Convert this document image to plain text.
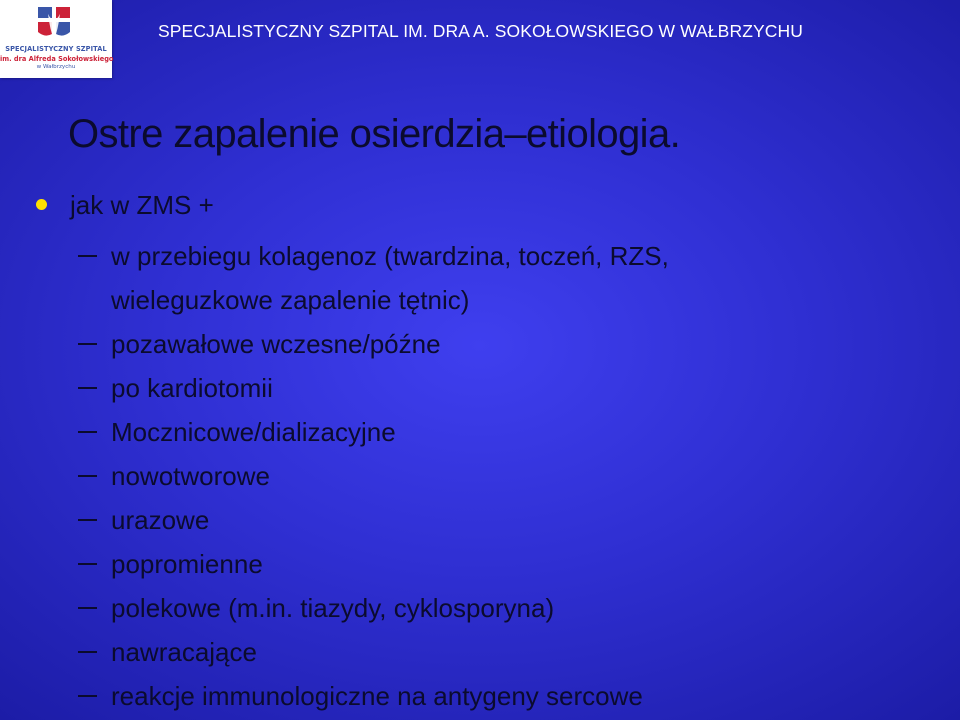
SPECJALISTYCZNY SZPITAL
im. dra Alfreda Sokołowskiego
w Wałbrzychu
SPECJALISTYCZNY SZPITAL IM. DRA A. SOKOŁOWSKIEGO W WAŁBRZYCHU
Ostre zapalenie osierdzia–etiologia.
jak w ZMS +
w przebiegu kolagenoz (twardzina, toczeń, RZS, wieleguzkowe zapalenie tętnic)
pozawałowe wczesne/późne
po kardiotomii
Mocznicowe/dializacyjne
nowotworowe
urazowe
popromienne
polekowe (m.in. tiazydy, cyklosporyna)
nawracające
reakcje immunologiczne na antygeny sercowe
